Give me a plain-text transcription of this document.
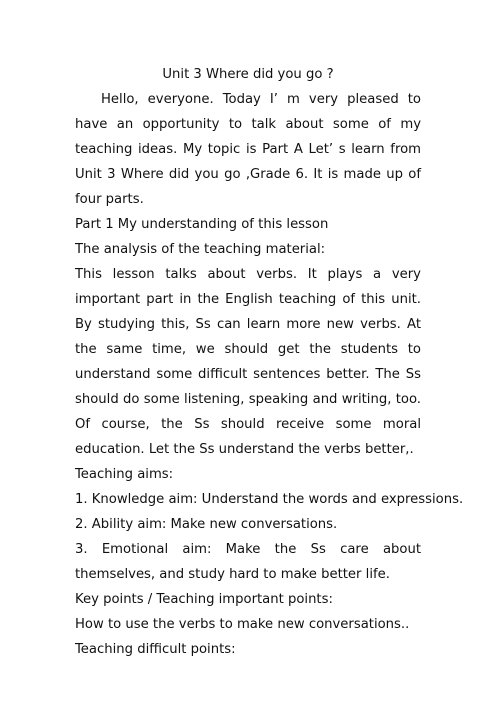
Unit 3 Where did you go ?

Hello, everyone. Today I’ m very pleased to have an opportunity to talk about some of my teaching ideas. My topic is Part A Let’ s learn from Unit 3 Where did you go ,Grade 6. It is made up of four parts.

Part 1 My understanding of this lesson

The analysis of the teaching material:

This lesson talks about verbs. It plays a very important part in the English teaching of this unit. By studying this, Ss can learn more new verbs. At the same time, we should get the students to understand some difficult sentences better. The Ss should do some listening, speaking and writing, too. Of course, the Ss should receive some moral education. Let the Ss understand the verbs better,.

Teaching aims:

1. Knowledge aim: Understand the words and expressions.

2. Ability aim: Make new conversations.

3. Emotional aim: Make the Ss care about themselves, and study hard to make better life.

Key points / Teaching important points:

How to use the verbs to make new conversations..

Teaching difficult points:
